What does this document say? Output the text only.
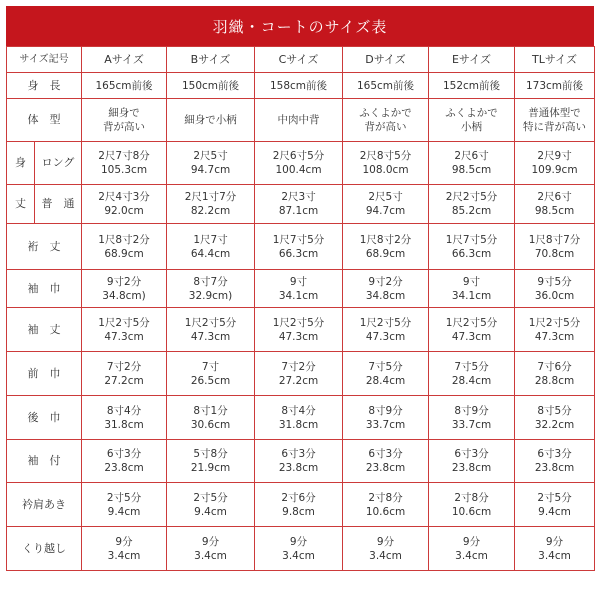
羽織・コートのサイズ表
サイズ記号		Aサイズ	Bサイズ	Cサイズ	Dサイズ	Eサイズ	TLサイズ
身　長		165cm前後	150cm前後	158cm前後	165cm前後	152cm前後	173cm前後

体　型		細身で
背が高い	細身で小柄	中肉中背	ふくよかで
背が高い	ふくよかで
小柄	普通体型で
特に背が高い

身	ロング	2尺7寸8分
105.3cm	2尺5寸
94.7cm	2尺6寸5分
100.4cm	2尺8寸5分
108.0cm	2尺6寸
98.5cm	2尺9寸
109.9cm

丈	普　通	2尺4寸3分
92.0cm	2尺1寸7分
82.2cm	2尺3寸
87.1cm	2尺5寸
94.7cm	2尺2寸5分
85.2cm	2尺6寸
98.5cm

裄　丈		1尺8寸2分
68.9cm	1尺7寸
64.4cm	1尺7寸5分
66.3cm	1尺8寸2分
68.9cm	1尺7寸5分
66.3cm	1尺8寸7分
70.8cm

袖　巾		9寸2分
34.8cm)	8寸7分
32.9cm)	9寸
34.1cm	9寸2分
34.8cm	9寸
34.1cm	9寸5分
36.0cm

袖　丈		1尺2寸5分
47.3cm	1尺2寸5分
47.3cm	1尺2寸5分
47.3cm	1尺2寸5分
47.3cm	1尺2寸5分
47.3cm	1尺2寸5分
47.3cm

前　巾		7寸2分
27.2cm	7寸
26.5cm	7寸2分
27.2cm	7寸5分
28.4cm	7寸5分
28.4cm	7寸6分
28.8cm

後　巾		8寸4分
31.8cm	8寸1分
30.6cm	8寸4分
31.8cm	8寸9分
33.7cm	8寸9分
33.7cm	8寸5分
32.2cm

袖　付		6寸3分
23.8cm	5寸8分
21.9cm	6寸3分
23.8cm	6寸3分
23.8cm	6寸3分
23.8cm	6寸3分
23.8cm

衿肩あき		2寸5分
9.4cm	2寸5分
9.4cm	2寸6分
9.8cm	2寸8分
10.6cm	2寸8分
10.6cm	2寸5分
9.4cm

くり越し		9分
3.4cm	9分
3.4cm	9分
3.4cm	9分
3.4cm	9分
3.4cm	9分
3.4cm
